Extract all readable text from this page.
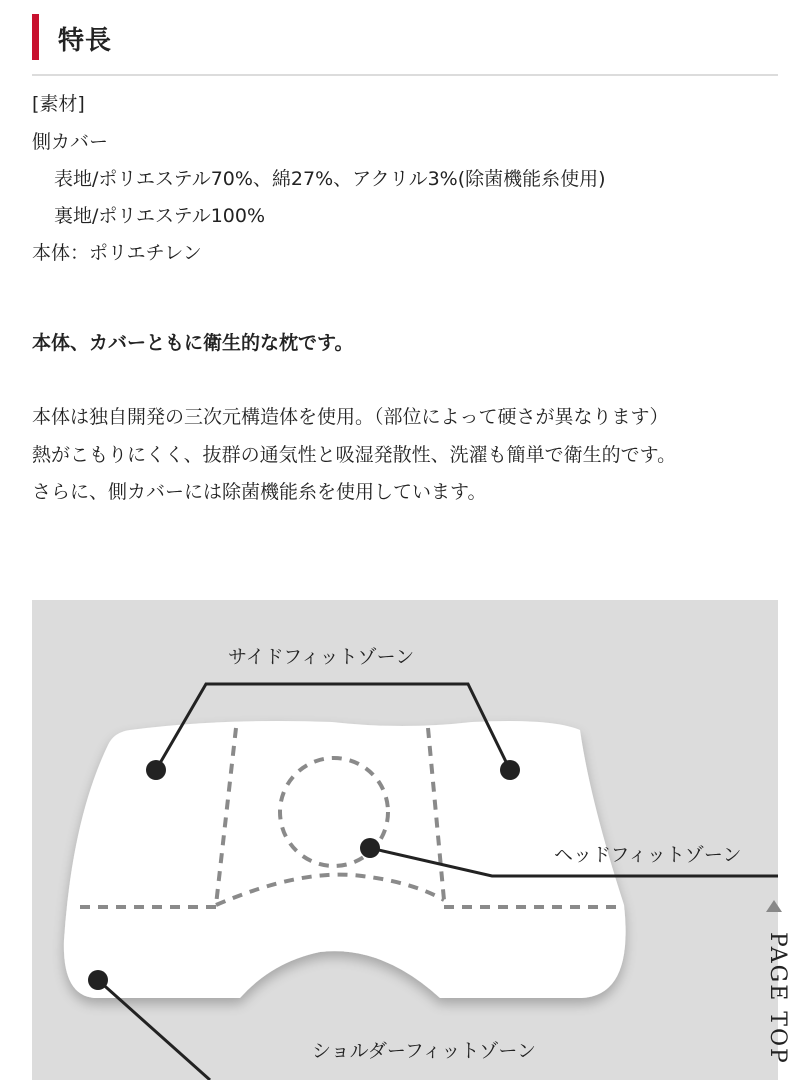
特長
[素材]
側カバー
表地/ポリエステル70%、綿27%、アクリル3%(除菌機能糸使用)
裏地/ポリエステル100%
本体：ポリエチレン
本体、カバーともに衛生的な枕です。
本体は独自開発の三次元構造体を使用。（部位によって硬さが異なります）
熱がこもりにくく、抜群の通気性と吸湿発散性、洗濯も簡単で衛生的です。
さらに、側カバーには除菌機能糸を使用しています。
サイドフィットゾーン
ヘッドフィットゾーン
ショルダーフィットゾーン	PAGE TOP
